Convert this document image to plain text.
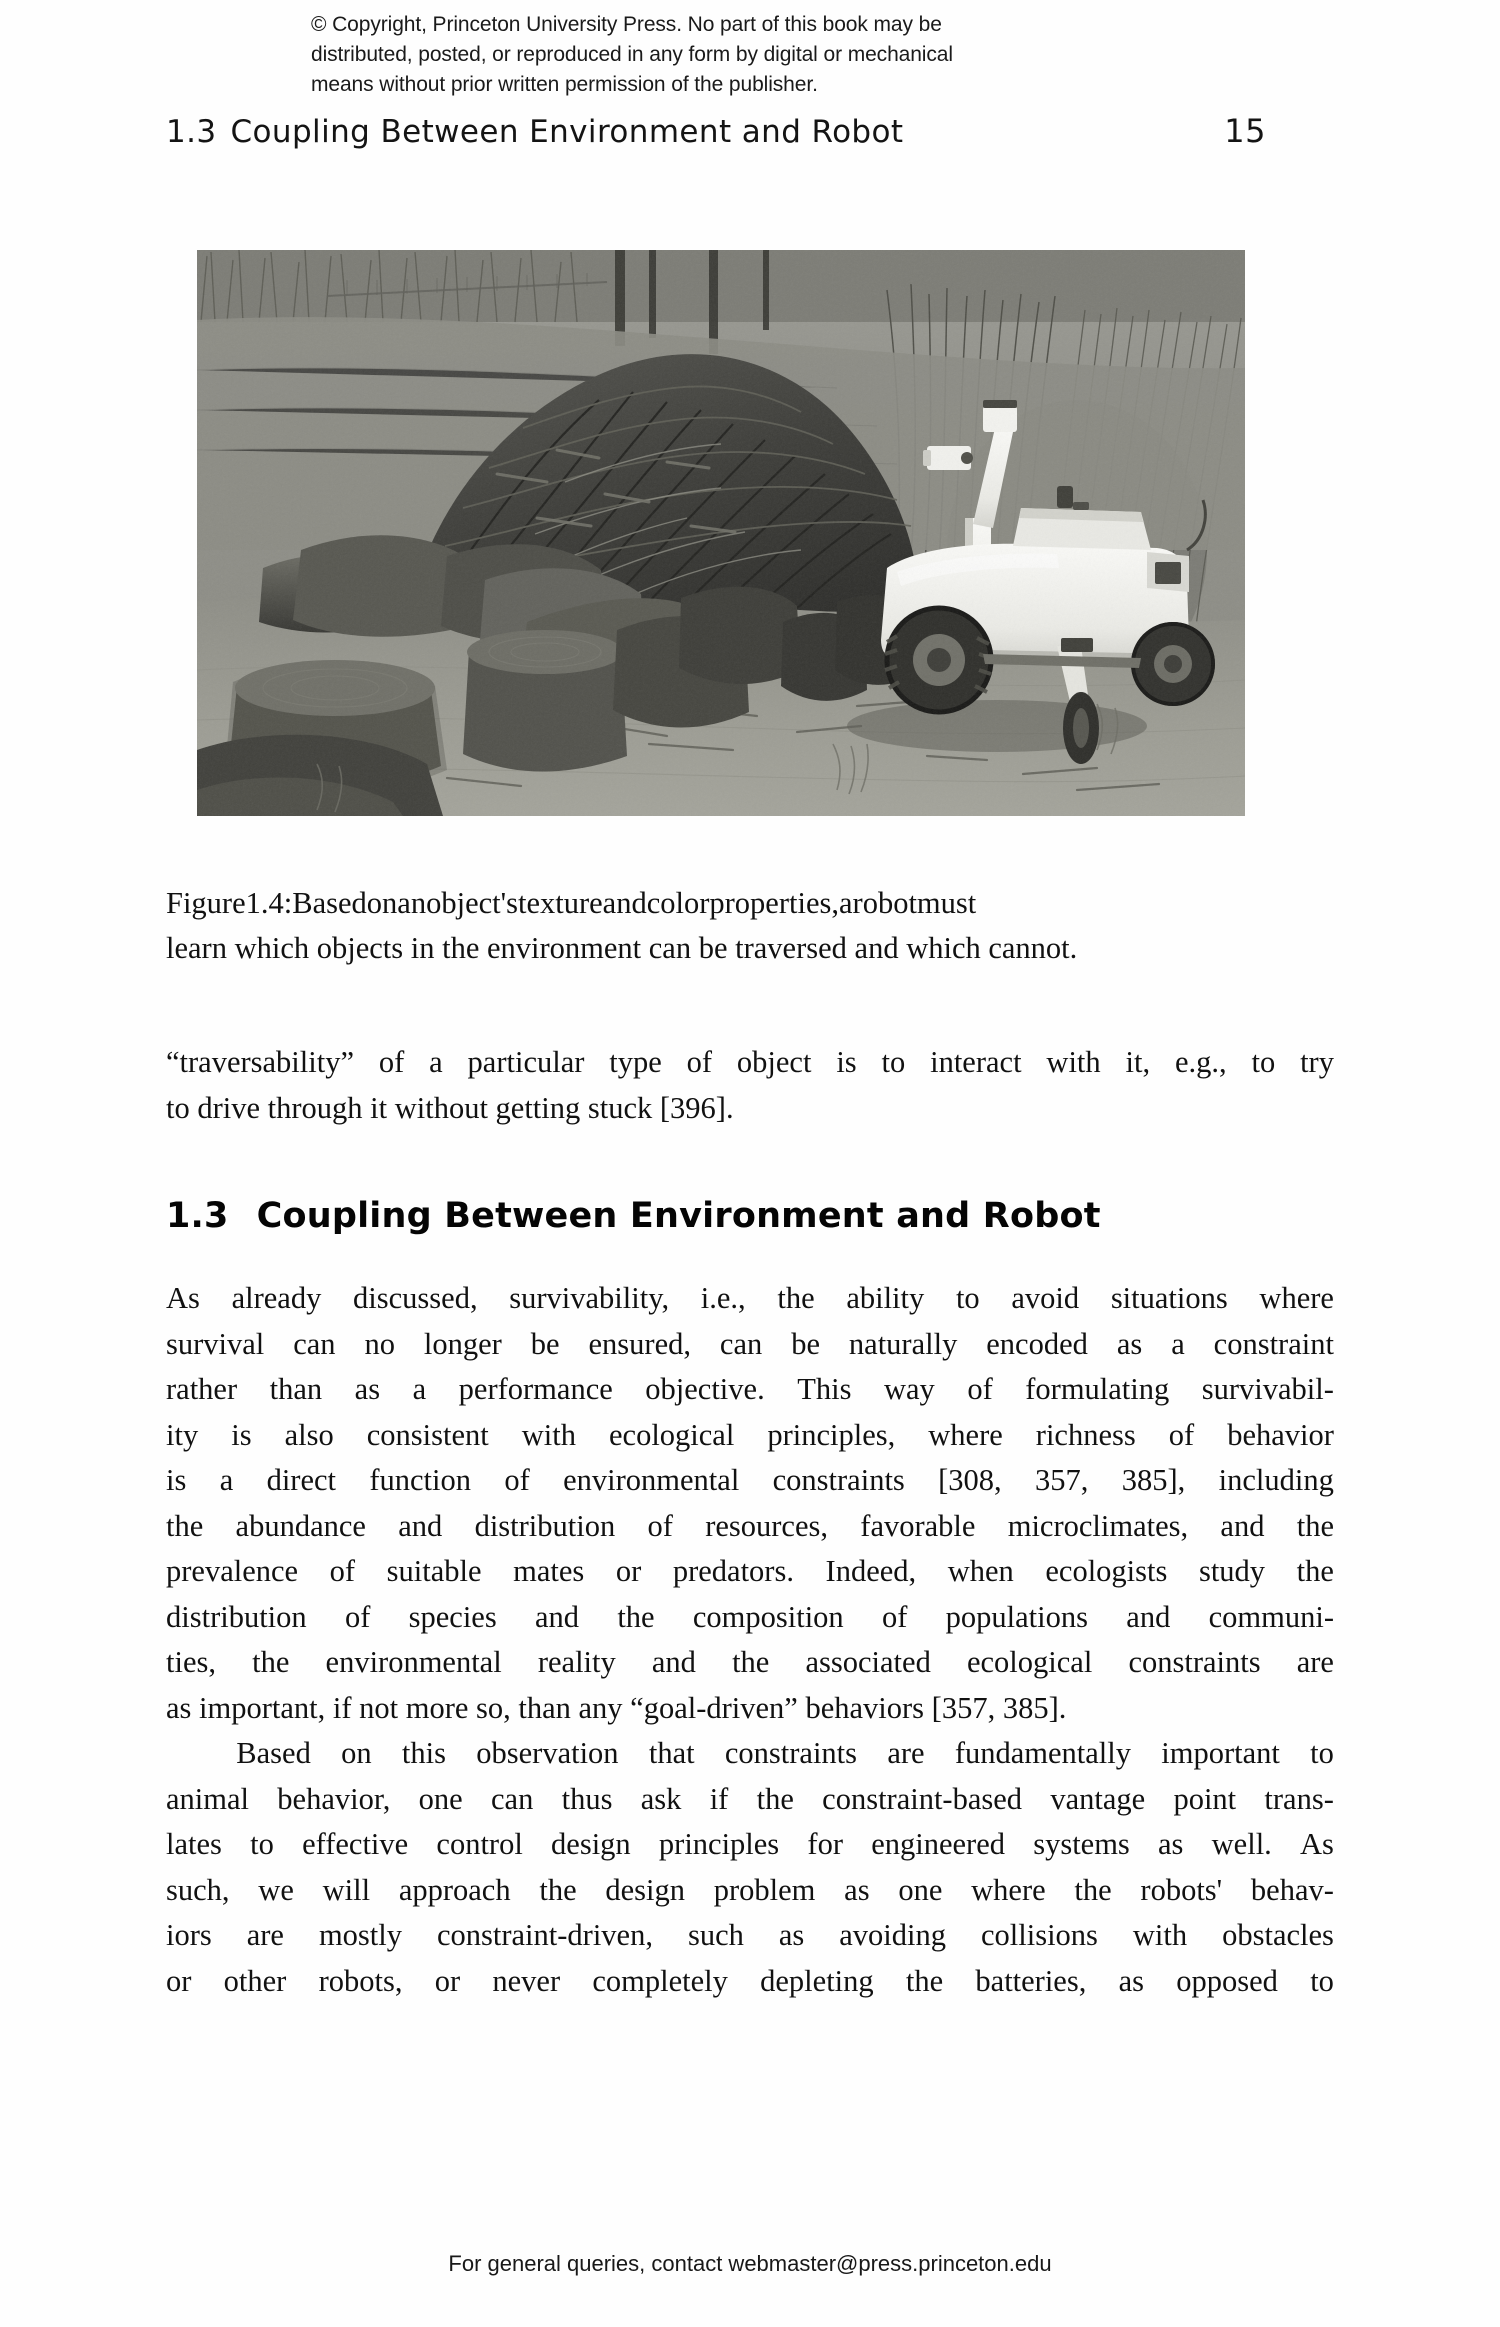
© Copyright, Princeton University Press. No part of this book may be
distributed, posted, or reproduced in any form by digital or mechanical
means without prior written permission of the publisher.
1.3 Coupling Between Environment and Robot	15
Figure1.4:Basedonanobject'stextureandcolorproperties,arobotmust
learn which objects in the environment can be traversed and which cannot.
“traversability” of a particular type of object is to interact with it, e.g., to try
to drive through it without getting stuck [396].
1.3 Coupling Between Environment and Robot
As already discussed, survivability, i.e., the ability to avoid situations where
survival can no longer be ensured, can be naturally encoded as a constraint
rather than as a performance objective. This way of formulating survivabil-
ity is also consistent with ecological principles, where richness of behavior
is a direct function of environmental constraints [308, 357, 385], including
the abundance and distribution of resources, favorable microclimates, and the
prevalence of suitable mates or predators. Indeed, when ecologists study the
distribution of species and the composition of populations and communi-
ties, the environmental reality and the associated ecological constraints are
as important, if not more so, than any “goal-driven” behaviors [357, 385].
Based on this observation that constraints are fundamentally important to
animal behavior, one can thus ask if the constraint-based vantage point trans-
lates to effective control design principles for engineered systems as well. As
such, we will approach the design problem as one where the robots' behav-
iors are mostly constraint-driven, such as avoiding collisions with obstacles
or other robots, or never completely depleting the batteries, as opposed to
For general queries, contact webmaster@press.princeton.edu
